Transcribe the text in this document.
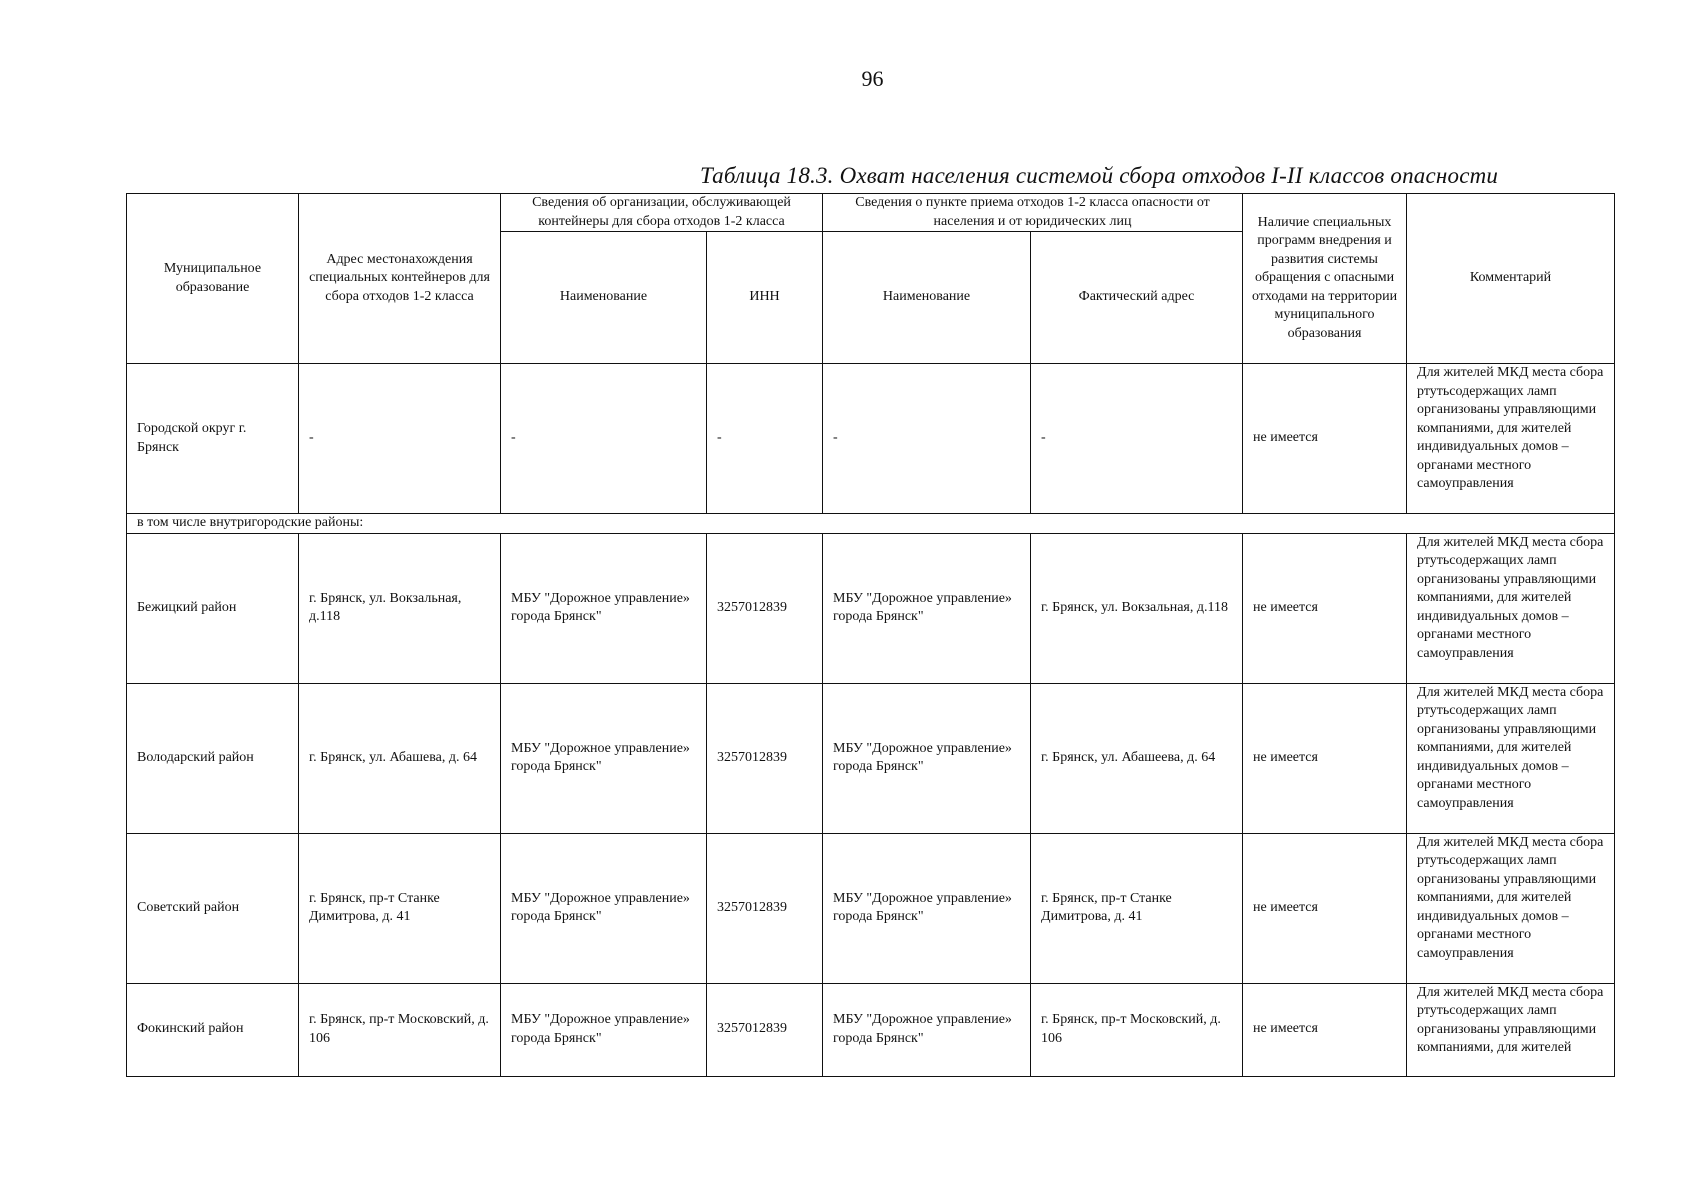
96
Таблица 18.3. Охват населения системой сбора отходов I-II классов опасности
Муниципальное образование	Адрес местонахождения специальных контейнеров для сбора отходов 1-2 класса	Сведения об организации, обслуживающей контейнеры для сбора отходов 1-2 класса		Сведения о пункте приема отходов 1-2 класса опасности от населения и от юридических лиц		Наличие специальных программ внедрения и развития системы обращения с опасными отходами на территории муниципального образования	Комментарий
		Наименование	ИНН	Наименование	Фактический адрес		
Городской округ г. Брянск	-	-	-	-	-	не имеется	Для жителей МКД места сбора ртутьсодержащих ламп организованы управляющими компаниями, для жителей индивидуальных домов – органами местного самоуправления
в том числе внутригородские районы:							
Бежицкий район	г. Брянск, ул. Вокзальная, д.118	МБУ "Дорожное управление» города Брянск"	3257012839	МБУ "Дорожное управление» города Брянск"	г. Брянск, ул. Вокзальная, д.118	не имеется	Для жителей МКД места сбора ртутьсодержащих ламп организованы управляющими компаниями, для жителей индивидуальных домов – органами местного самоуправления
Володарский район	г. Брянск, ул. Абашева, д. 64	МБУ "Дорожное управление» города Брянск"	3257012839	МБУ "Дорожное управление» города Брянск"	г. Брянск, ул. Абашеева, д. 64	не имеется	Для жителей МКД места сбора ртутьсодержащих ламп организованы управляющими компаниями, для жителей индивидуальных домов – органами местного самоуправления
Советский район	г. Брянск, пр-т Станке Димитрова, д. 41	МБУ "Дорожное управление» города Брянск"	3257012839	МБУ "Дорожное управление» города Брянск"	г. Брянск, пр-т Станке Димитрова, д. 41	не имеется	Для жителей МКД места сбора ртутьсодержащих ламп организованы управляющими компаниями, для жителей индивидуальных домов – органами местного самоуправления
Фокинский район	г. Брянск, пр-т Московский, д. 106	МБУ "Дорожное управление» города Брянск"	3257012839	МБУ "Дорожное управление» города Брянск"	г. Брянск, пр-т Московский, д. 106	не имеется	Для жителей МКД места сбора ртутьсодержащих ламп организованы управляющими компаниями, для жителей
